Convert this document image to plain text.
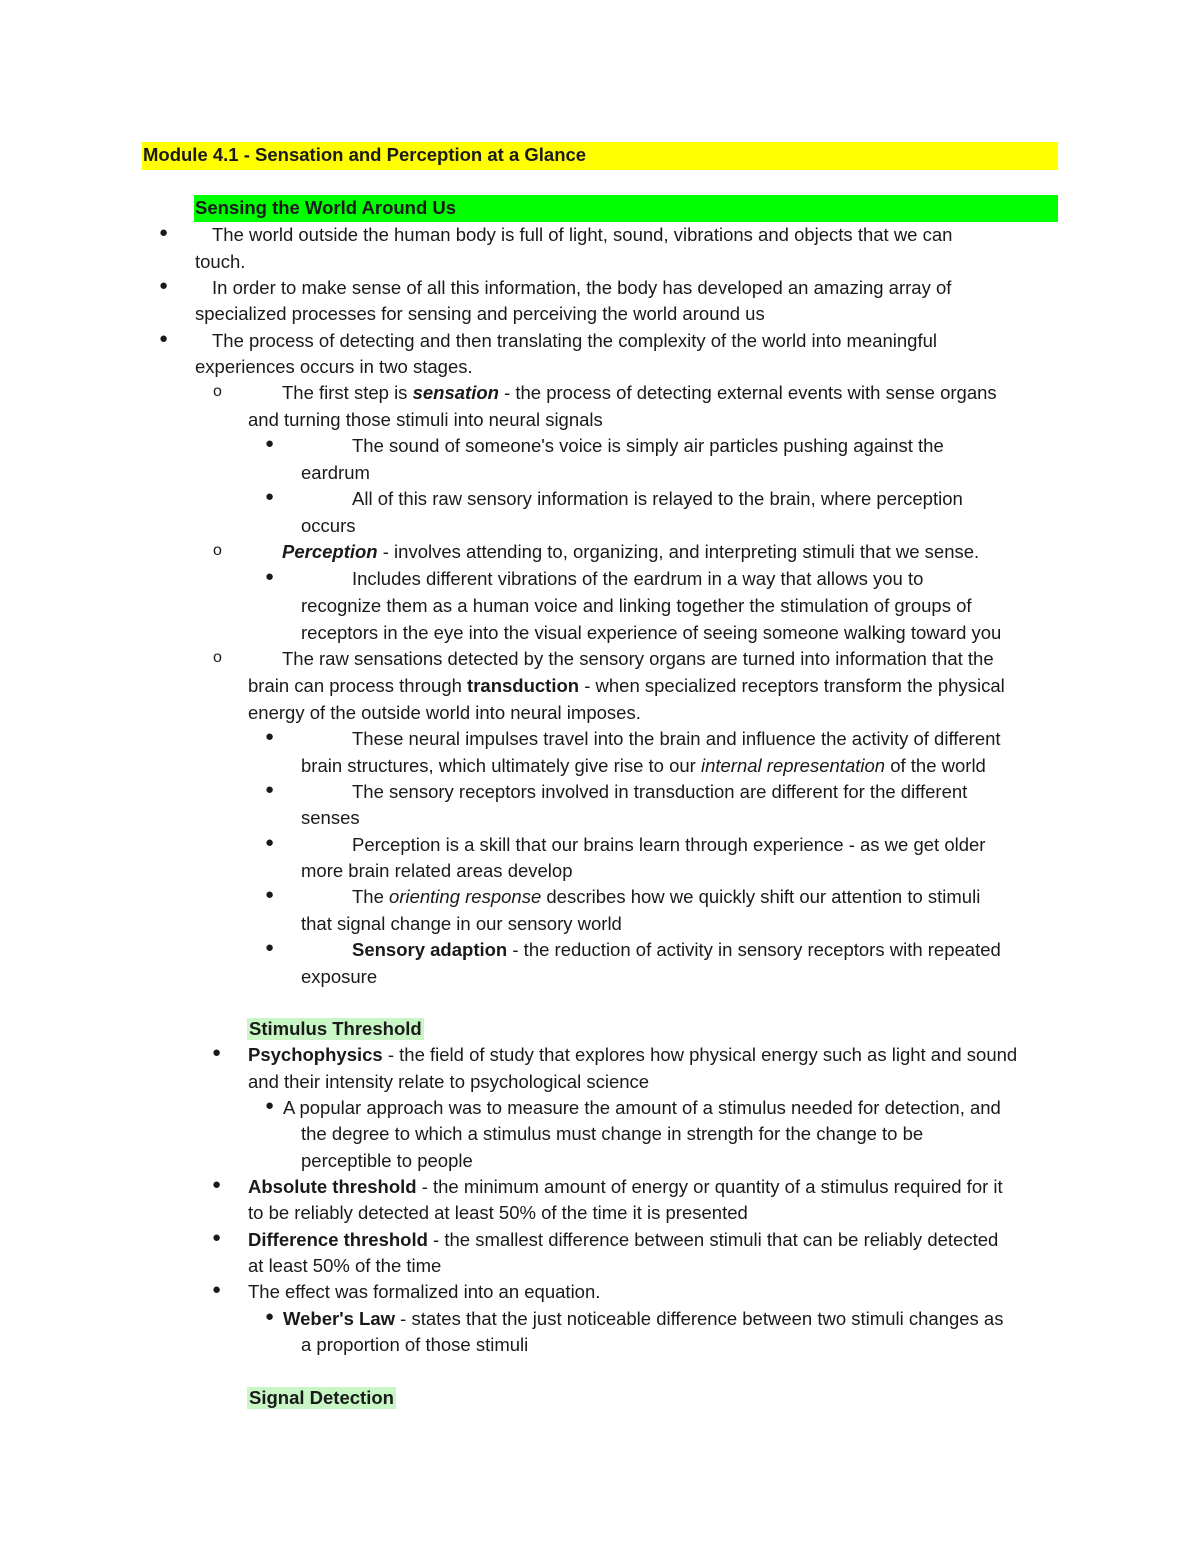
Module 4.1 - Sensation and Perception at a Glance
Sensing the World Around Us
● The world outside the human body is full of light, sound, vibrations and objects that we can
touch.
● In order to make sense of all this information, the body has developed an amazing array of
specialized processes for sensing and perceiving the world around us
● The process of detecting and then translating the complexity of the world into meaningful
experiences occurs in two stages.
o	The first step is sensation - the process of detecting external events with sense organs
and turning those stimuli into neural signals
●	The sound of someone's voice is simply air particles pushing against the
eardrum
●	All of this raw sensory information is relayed to the brain, where perception
occurs
o	Perception - involves attending to, organizing, and interpreting stimuli that we sense.
●	Includes different vibrations of the eardrum in a way that allows you to
recognize them as a human voice and linking together the stimulation of groups of
receptors in the eye into the visual experience of seeing someone walking toward you
o	The raw sensations detected by the sensory organs are turned into information that the
brain can process through transduction - when specialized receptors transform the physical
energy of the outside world into neural imposes.
●	These neural impulses travel into the brain and influence the activity of different
brain structures, which ultimately give rise to our internal representation of the world
●	The sensory receptors involved in transduction are different for the different
senses
●	Perception is a skill that our brains learn through experience - as we get older
more brain related areas develop
●	The orienting response describes how we quickly shift our attention to stimuli
that signal change in our sensory world
●	Sensory adaption - the reduction of activity in sensory receptors with repeated
exposure
Stimulus Threshold
● Psychophysics - the field of study that explores how physical energy such as light and sound
and their intensity relate to psychological science
● A popular approach was to measure the amount of a stimulus needed for detection, and
the degree to which a stimulus must change in strength for the change to be
perceptible to people
● Absolute threshold - the minimum amount of energy or quantity of a stimulus required for it
to be reliably detected at least 50% of the time it is presented
● Difference threshold - the smallest difference between stimuli that can be reliably detected
at least 50% of the time
● The effect was formalized into an equation.
● Weber's Law - states that the just noticeable difference between two stimuli changes as
a proportion of those stimuli
Signal Detection
